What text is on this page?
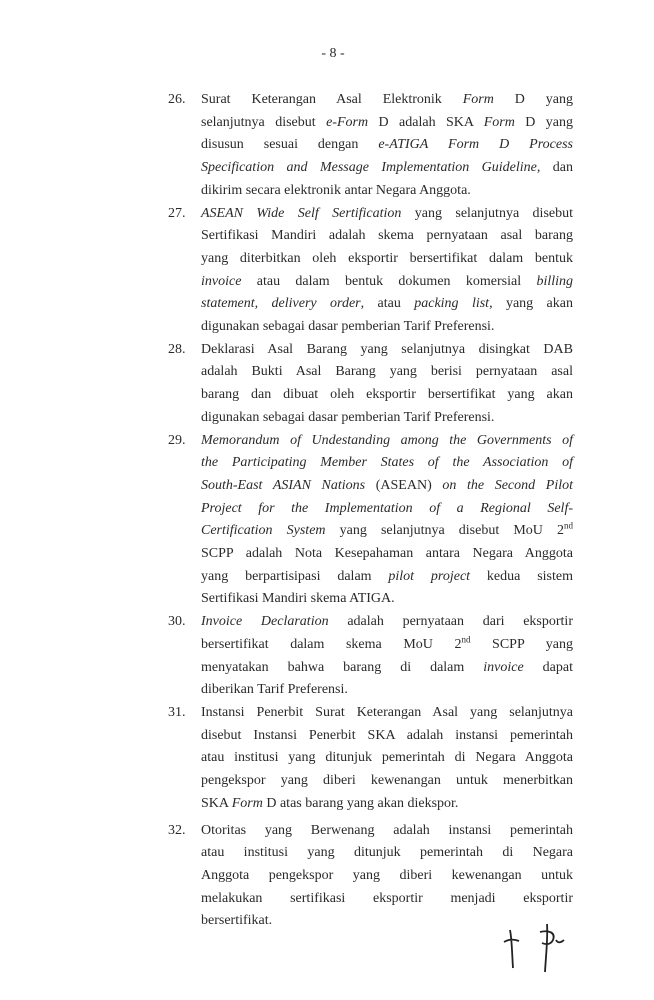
- 8 -
26. Surat Keterangan Asal Elektronik Form D yang
selanjutnya disebut e-Form D adalah SKA Form D yang
disusun sesuai dengan e-ATIGA Form D Process
Specification and Message Implementation Guideline, dan
dikirim secara elektronik antar Negara Anggota.
27. ASEAN Wide Self Sertification yang selanjutnya disebut
Sertifikasi Mandiri adalah skema pernyataan asal barang
yang diterbitkan oleh eksportir bersertifikat dalam bentuk
invoice atau dalam bentuk dokumen komersial billing
statement, delivery order, atau packing list, yang akan
digunakan sebagai dasar pemberian Tarif Preferensi.
28. Deklarasi Asal Barang yang selanjutnya disingkat DAB
adalah Bukti Asal Barang yang berisi pernyataan asal
barang dan dibuat oleh eksportir bersertifikat yang akan
digunakan sebagai dasar pemberian Tarif Preferensi.
29. Memorandum of Undestanding among the Governments of
the Participating Member States of the Association of
South-East ASIAN Nations (ASEAN) on the Second Pilot
Project for the Implementation of a Regional Self-
Certification System yang selanjutnya disebut MoU 2nd
SCPP adalah Nota Kesepahaman antara Negara Anggota
yang berpartisipasi dalam pilot project kedua sistem
Sertifikasi Mandiri skema ATIGA.
30. Invoice Declaration adalah pernyataan dari eksportir
bersertifikat dalam skema MoU 2nd SCPP yang
menyatakan bahwa barang di dalam invoice dapat
diberikan Tarif Preferensi.
31. Instansi Penerbit Surat Keterangan Asal yang selanjutnya
disebut Instansi Penerbit SKA adalah instansi pemerintah
atau institusi yang ditunjuk pemerintah di Negara Anggota
pengekspor yang diberi kewenangan untuk menerbitkan
SKA Form D atas barang yang akan diekspor.
32. Otoritas yang Berwenang adalah instansi pemerintah
atau institusi yang ditunjuk pemerintah di Negara
Anggota pengekspor yang diberi kewenangan untuk
melakukan sertifikasi eksportir menjadi eksportir
bersertifikat.
